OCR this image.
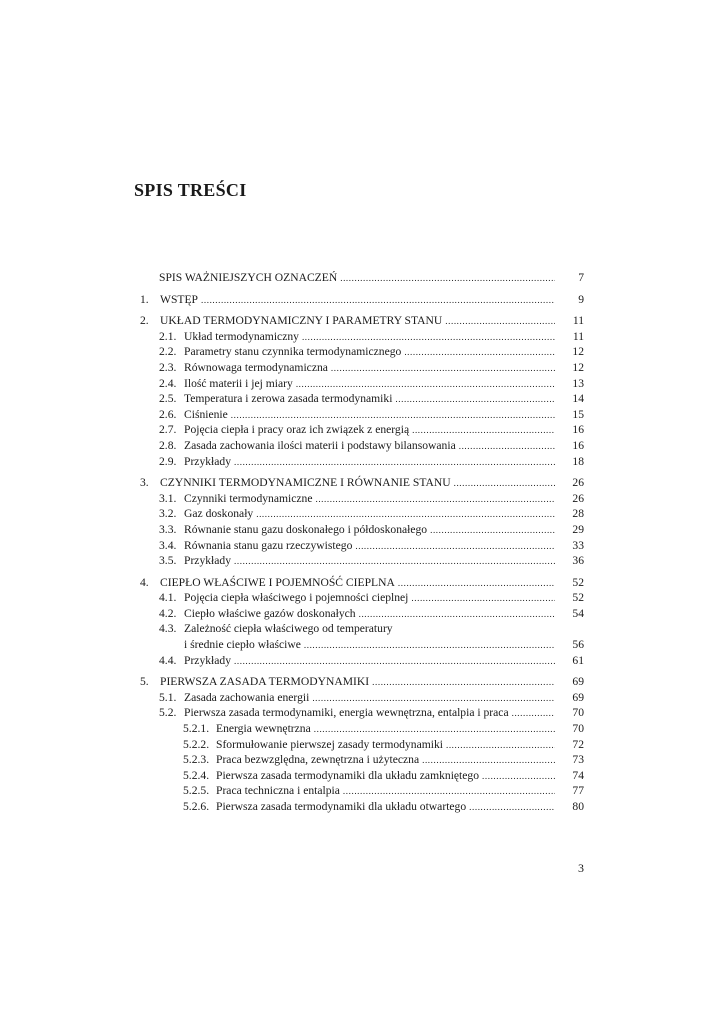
SPIS TREŚCI
SPIS WAŻNIEJSZYCH OZNACZEŃ .....	7
1. WSTĘP .....	9
2. UKŁAD TERMODYNAMICZNY I PARAMETRY STANU .....	11
2.1. Układ termodynamiczny .....	11
2.2. Parametry stanu czynnika termodynamicznego .....	12
2.3. Równowaga termodynamiczna .....	12
2.4. Ilość materii i jej miary .....	13
2.5. Temperatura i zerowa zasada termodynamiki .....	14
2.6. Ciśnienie .....	15
2.7. Pojęcia ciepła i pracy oraz ich związek z energią .....	16
2.8. Zasada zachowania ilości materii i podstawy bilansowania .....	16
2.9. Przykłady .....	18
3. CZYNNIKI TERMODYNAMICZNE I RÓWNANIE STANU .....	26
3.1. Czynniki termodynamiczne .....	26
3.2. Gaz doskonały .....	28
3.3. Równanie stanu gazu doskonałego i półdoskonałego .....	29
3.4. Równania stanu gazu rzeczywistego .....	33
3.5. Przykłady .....	36
4. CIEPŁO WŁAŚCIWE I POJEMNOŚĆ CIEPLNA .....	52
4.1. Pojęcia ciepła właściwego i pojemności cieplnej .....	52
4.2. Ciepło właściwe gazów doskonałych .....	54
4.3. Zależność ciepła właściwego od temperatury
i średnie ciepło właściwe .....	56
4.4. Przykłady .....	61
5. PIERWSZA ZASADA TERMODYNAMIKI .....	69
5.1. Zasada zachowania energii .....	69
5.2. Pierwsza zasada termodynamiki, energia wewnętrzna, entalpia i praca .....	70
5.2.1. Energia wewnętrzna .....	70
5.2.2. Sformułowanie pierwszej zasady termodynamiki .....	72
5.2.3. Praca bezwzględna, zewnętrzna i użyteczna .....	73
5.2.4. Pierwsza zasada termodynamiki dla układu zamkniętego .....	74
5.2.5. Praca techniczna i entalpia .....	77
5.2.6. Pierwsza zasada termodynamiki dla układu otwartego .....	80
3
